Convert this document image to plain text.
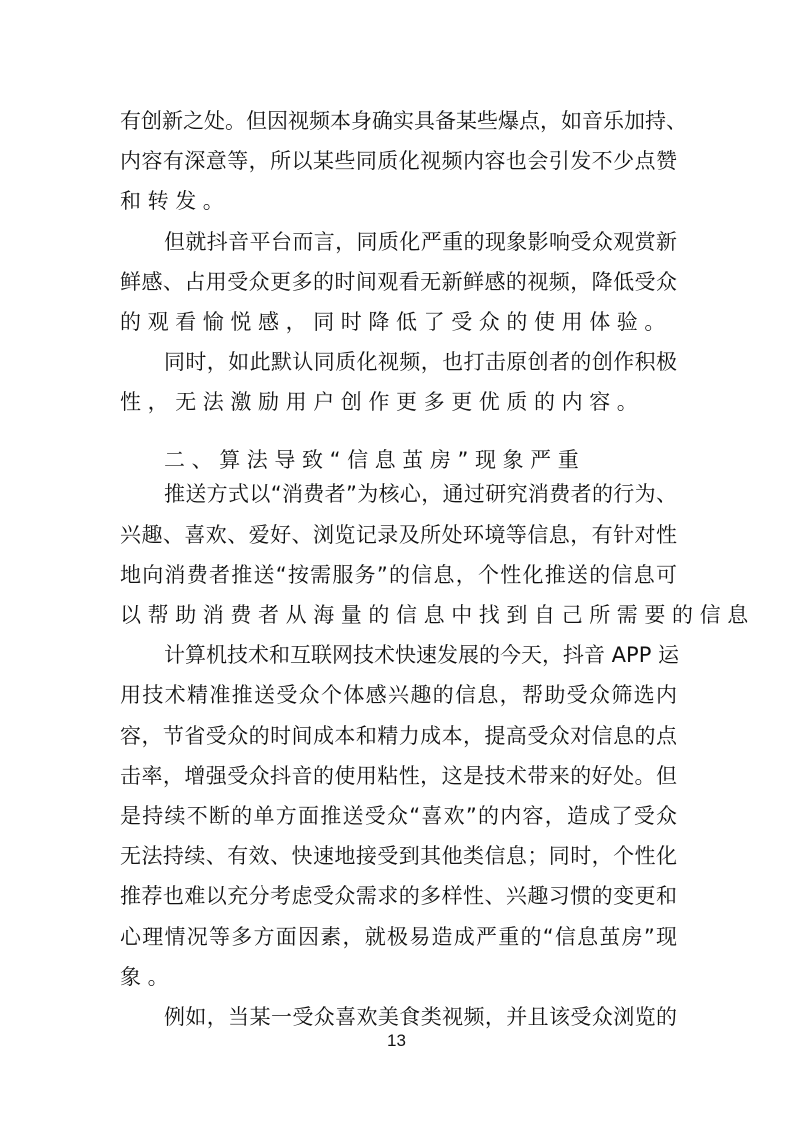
有创新之处。但因视频本身确实具备某些爆点，如音乐加持、
内容有深意等，所以某些同质化视频内容也会引发不少点赞
和转发。
但就抖音平台而言，同质化严重的现象影响受众观赏新
鲜感、占用受众更多的时间观看无新鲜感的视频，降低受众
的观看愉悦感，同时降低了受众的使用体验。
同时，如此默认同质化视频，也打击原创者的创作积极
性，无法激励用户创作更多更优质的内容。
二、算法导致“信息茧房”现象严重
推送方式以“消费者”为核心，通过研究消费者的行为、
兴趣、喜欢、爱好、浏览记录及所处环境等信息，有针对性
地向消费者推送“按需服务”的信息，个性化推送的信息可
以帮助消费者从海量的信息中找到自己所需要的信息
计算机技术和互联网技术快速发展的今天，抖音 APP 运
用技术精准推送受众个体感兴趣的信息，帮助受众筛选内
容，节省受众的时间成本和精力成本，提高受众对信息的点
击率，增强受众抖音的使用粘性，这是技术带来的好处。但
是持续不断的单方面推送受众“喜欢”的内容，造成了受众
无法持续、有效、快速地接受到其他类信息；同时，个性化
推荐也难以充分考虑受众需求的多样性、兴趣习惯的变更和
心理情况等多方面因素，就极易造成严重的“信息茧房”现
象。
例如，当某一受众喜欢美食类视频，并且该受众浏览的
13
